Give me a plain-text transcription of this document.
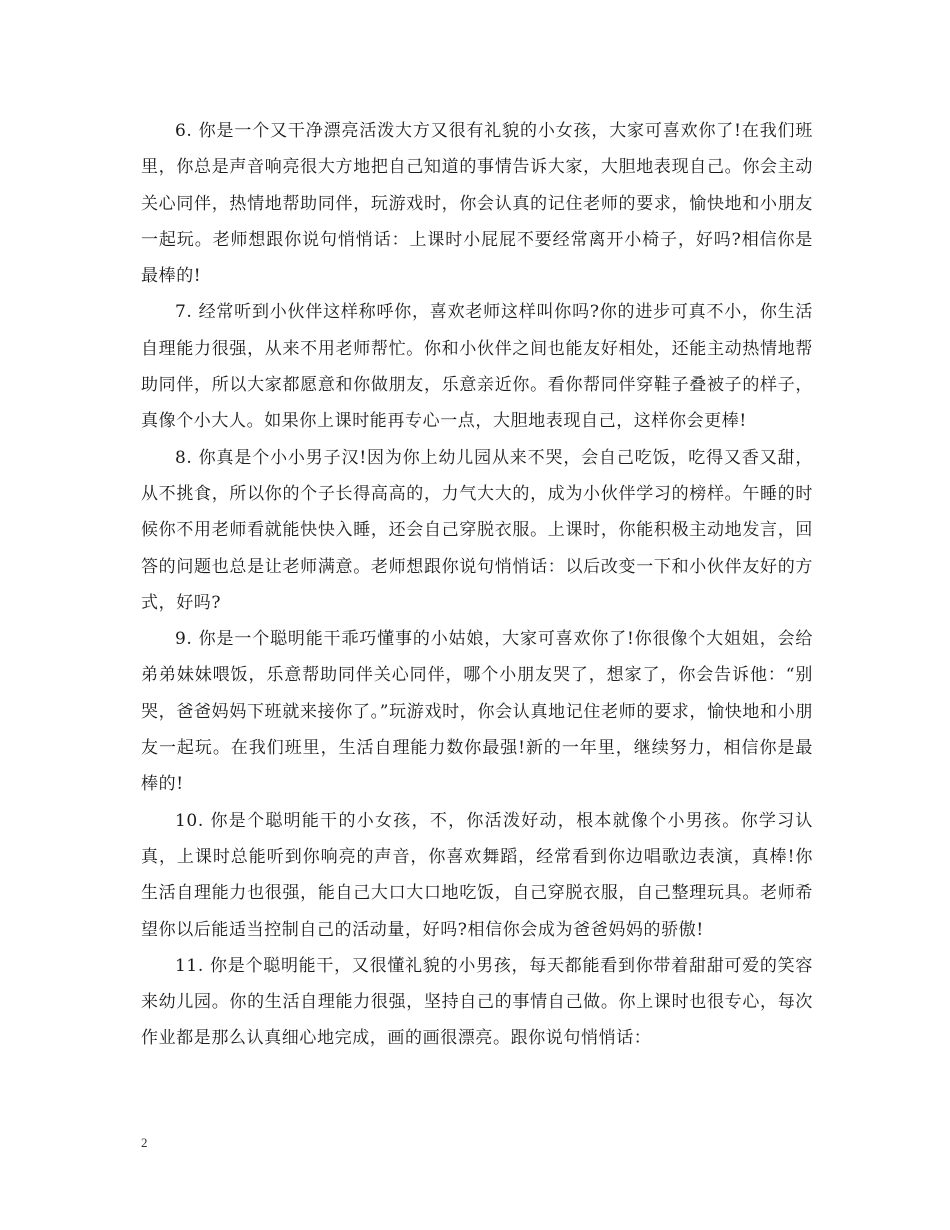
6. 你是一个又干净漂亮活泼大方又很有礼貌的小女孩，大家可喜欢你了!在我们班里，你总是声音响亮很大方地把自己知道的事情告诉大家，大胆地表现自己。你会主动关心同伴，热情地帮助同伴，玩游戏时，你会认真的记住老师的要求，愉快地和小朋友一起玩。老师想跟你说句悄悄话：上课时小屁屁不要经常离开小椅子，好吗?相信你是最棒的!

7. 经常听到小伙伴这样称呼你，喜欢老师这样叫你吗?你的进步可真不小，你生活自理能力很强，从来不用老师帮忙。你和小伙伴之间也能友好相处，还能主动热情地帮助同伴，所以大家都愿意和你做朋友，乐意亲近你。看你帮同伴穿鞋子叠被子的样子，真像个小大人。如果你上课时能再专心一点，大胆地表现自己，这样你会更棒!

8. 你真是个小小男子汉!因为你上幼儿园从来不哭，会自己吃饭，吃得又香又甜，从不挑食，所以你的个子长得高高的，力气大大的，成为小伙伴学习的榜样。午睡的时候你不用老师看就能快快入睡，还会自己穿脱衣服。上课时，你能积极主动地发言，回答的问题也总是让老师满意。老师想跟你说句悄悄话：以后改变一下和小伙伴友好的方式，好吗?

9. 你是一个聪明能干乖巧懂事的小姑娘，大家可喜欢你了!你很像个大姐姐，会给弟弟妹妹喂饭，乐意帮助同伴关心同伴，哪个小朋友哭了，想家了，你会告诉他：“别哭，爸爸妈妈下班就来接你了。”玩游戏时，你会认真地记住老师的要求，愉快地和小朋友一起玩。在我们班里，生活自理能力数你最强!新的一年里，继续努力，相信你是最棒的!

10. 你是个聪明能干的小女孩，不，你活泼好动，根本就像个小男孩。你学习认真，上课时总能听到你响亮的声音，你喜欢舞蹈，经常看到你边唱歌边表演，真棒!你生活自理能力也很强，能自己大口大口地吃饭，自己穿脱衣服，自己整理玩具。老师希望你以后能适当控制自己的活动量，好吗?相信你会成为爸爸妈妈的骄傲!

11. 你是个聪明能干，又很懂礼貌的小男孩，每天都能看到你带着甜甜可爱的笑容来幼儿园。你的生活自理能力很强，坚持自己的事情自己做。你上课时也很专心，每次作业都是那么认真细心地完成，画的画很漂亮。跟你说句悄悄话：

2
